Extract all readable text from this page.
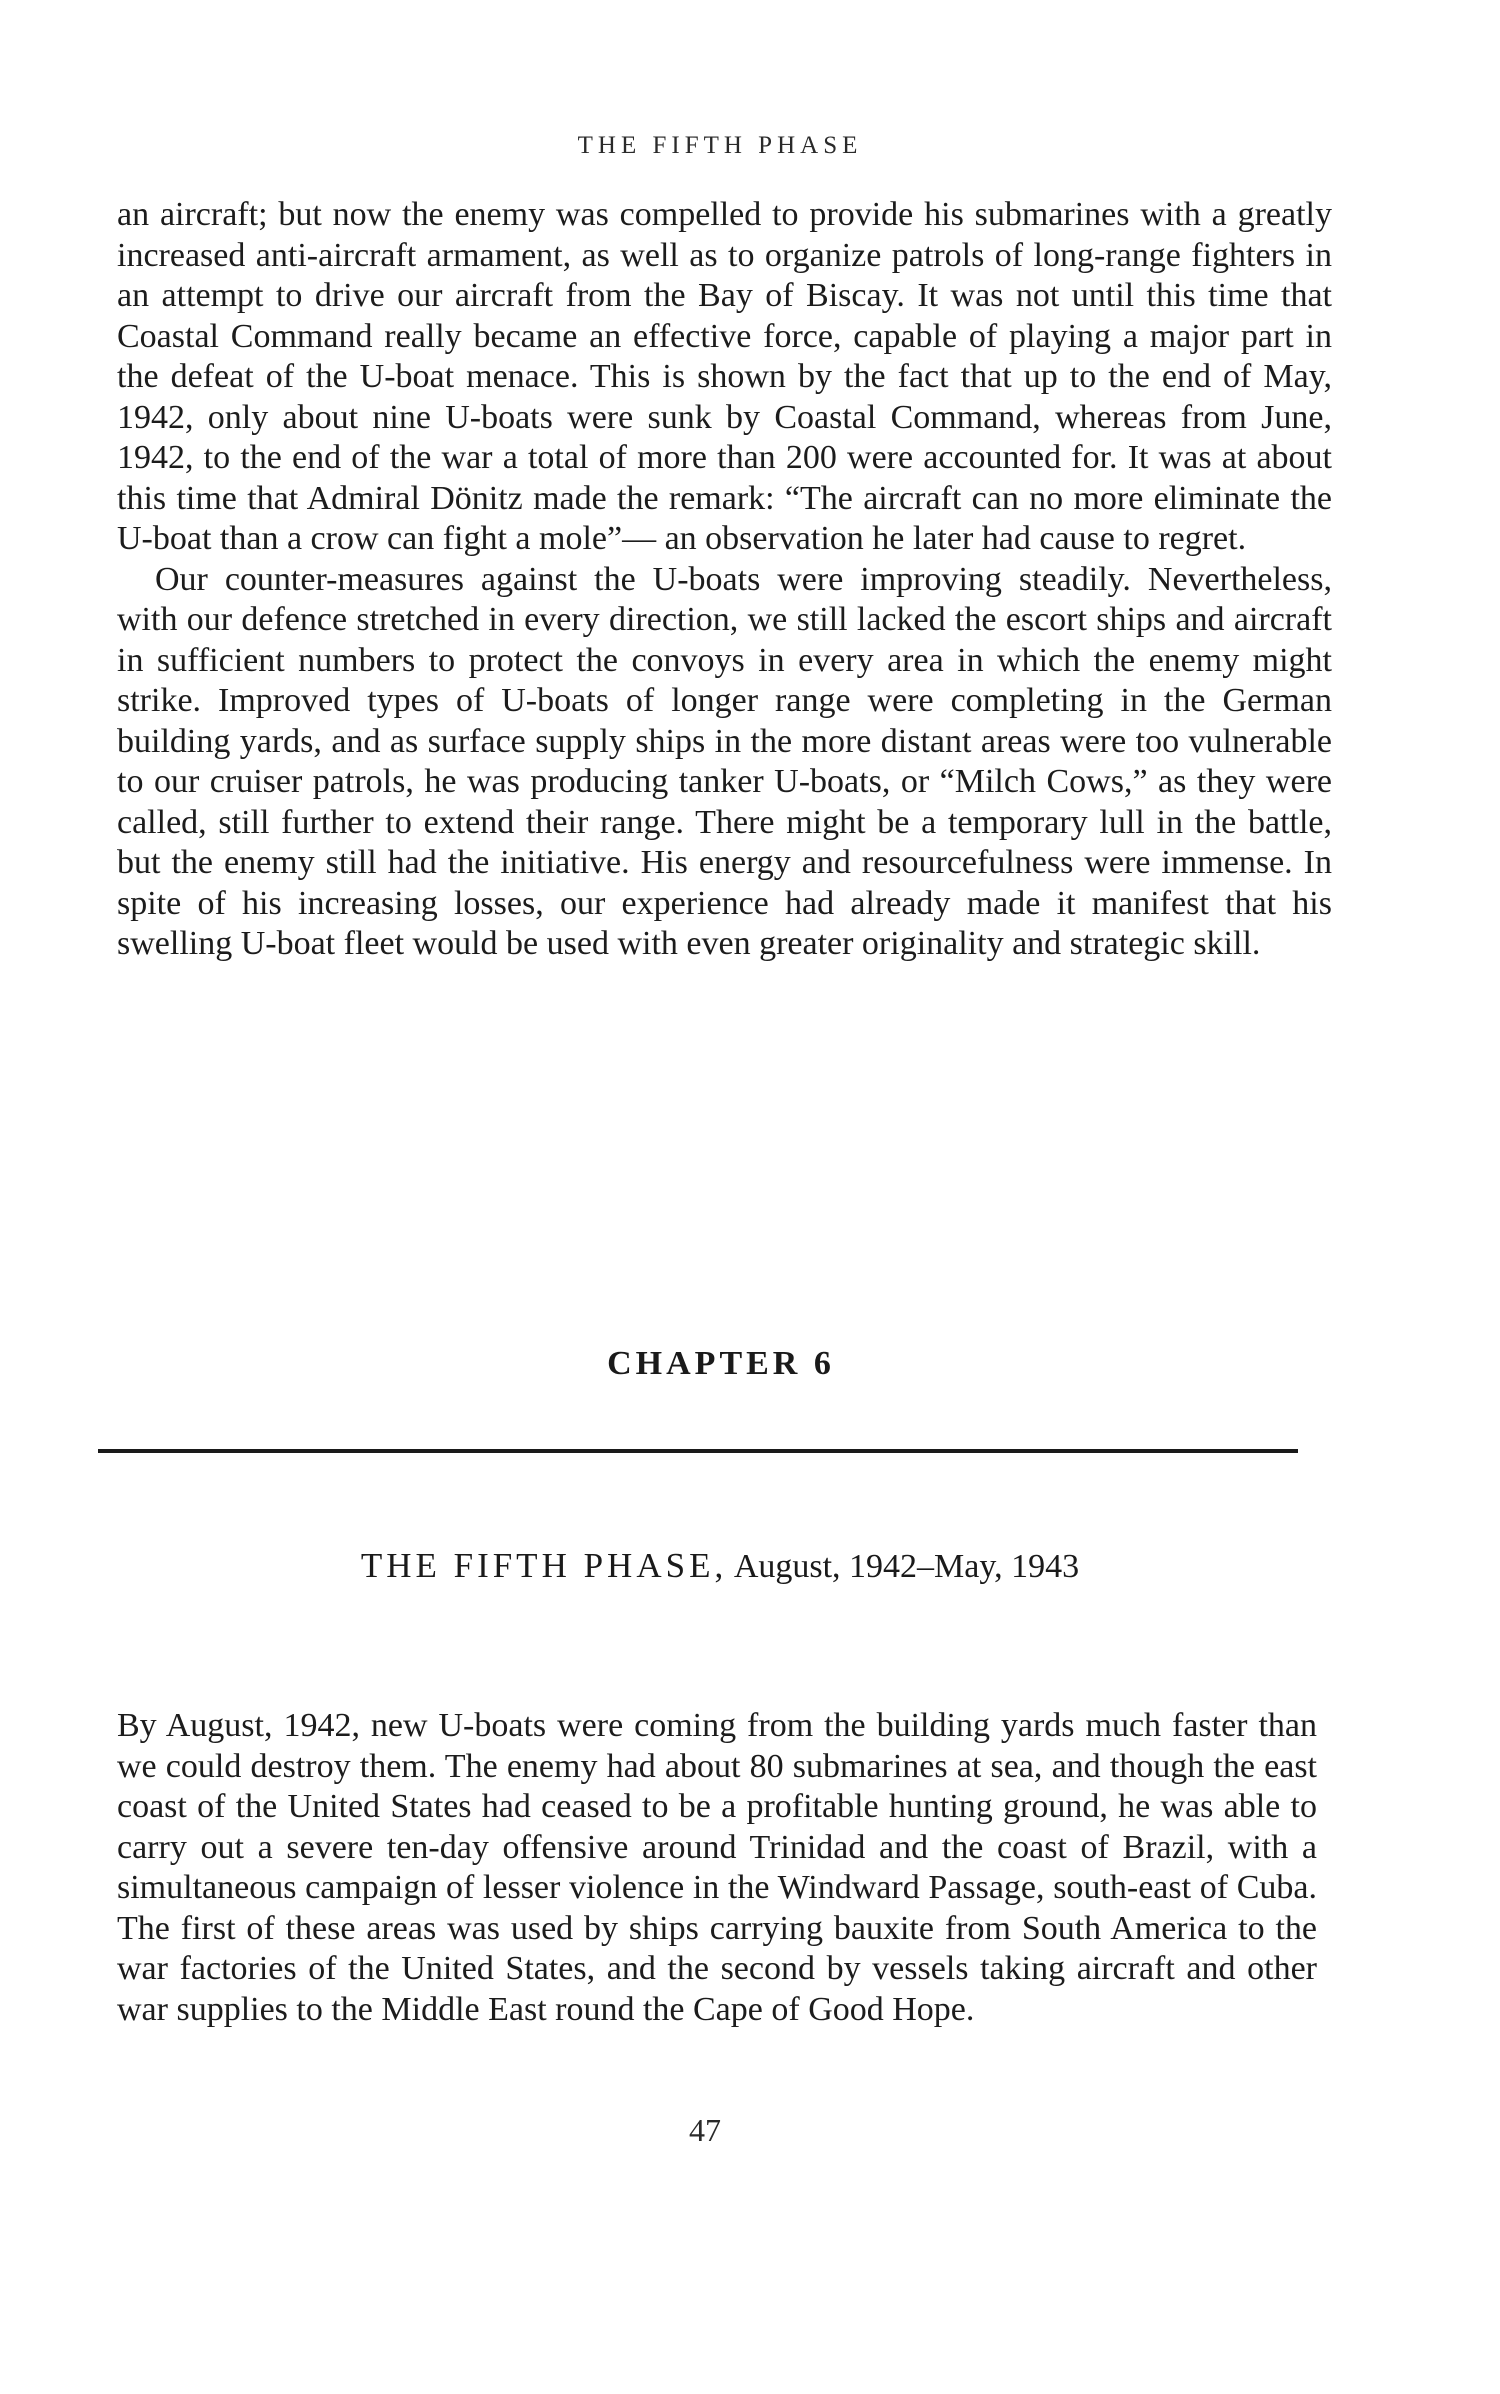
THE FIFTH PHASE

an aircraft; but now the enemy was compelled to provide his submarines with a greatly increased anti-aircraft armament, as well as to organize patrols of long-range fighters in an attempt to drive our aircraft from the Bay of Biscay. It was not until this time that Coastal Command really became an effective force, capable of playing a major part in the defeat of the U-boat menace. This is shown by the fact that up to the end of May, 1942, only about nine U-boats were sunk by Coastal Command, whereas from June, 1942, to the end of the war a total of more than 200 were accounted for. It was at about this time that Admiral Dönitz made the remark: “The aircraft can no more eliminate the U-boat than a crow can fight a mole”— an observation he later had cause to regret.

Our counter-measures against the U-boats were improving steadily. Nevertheless, with our defence stretched in every direction, we still lacked the escort ships and aircraft in sufficient numbers to protect the convoys in every area in which the enemy might strike. Improved types of U-boats of longer range were completing in the German building yards, and as surface supply ships in the more distant areas were too vulnerable to our cruiser patrols, he was producing tanker U-boats, or “Milch Cows,” as they were called, still further to extend their range. There might be a temporary lull in the battle, but the enemy still had the initiative. His energy and resourcefulness were immense. In spite of his increasing losses, our experience had already made it manifest that his swelling U-boat fleet would be used with even greater originality and strategic skill.

CHAPTER 6
THE FIFTH PHASE, August, 1942–May, 1943

By August, 1942, new U-boats were coming from the building yards much faster than we could destroy them. The enemy had about 80 submarines at sea, and though the east coast of the United States had ceased to be a profitable hunting ground, he was able to carry out a severe ten-day offensive around Trinidad and the coast of Brazil, with a simultaneous campaign of lesser violence in the Windward Passage, south-east of Cuba. The first of these areas was used by ships carrying bauxite from South America to the war factories of the United States, and the second by vessels taking aircraft and other war supplies to the Middle East round the Cape of Good Hope.

47
